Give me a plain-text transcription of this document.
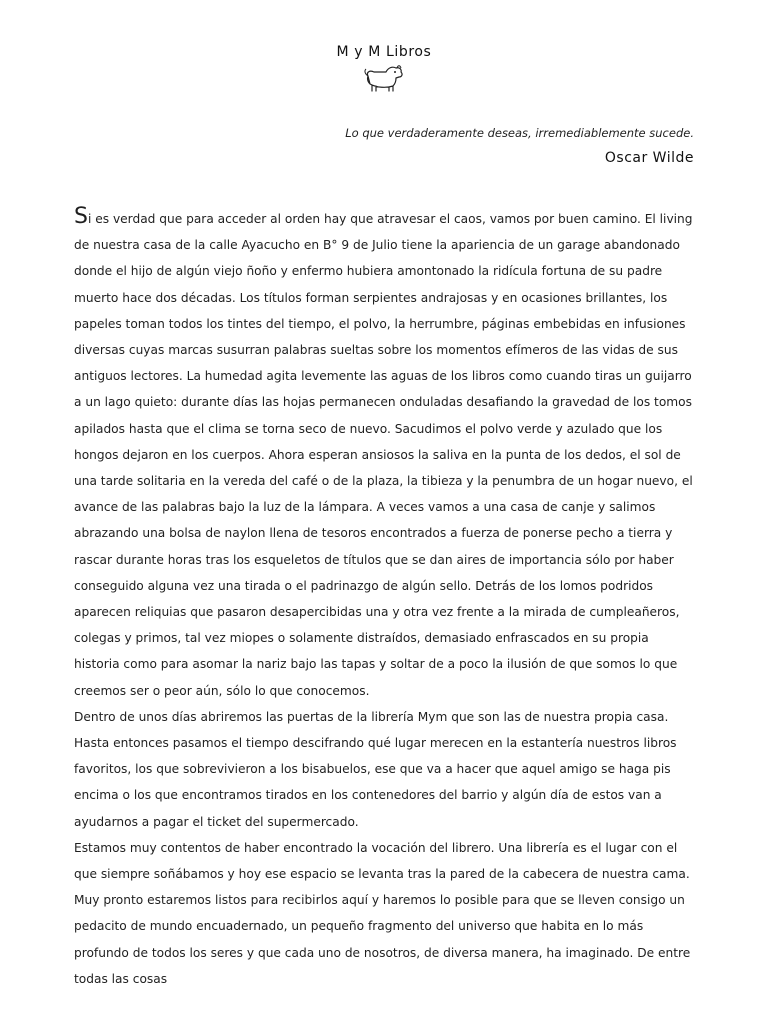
M y M Libros
Lo que verdaderamente deseas, irremediablemente sucede.
Oscar Wilde

Si es verdad que para acceder al orden hay que atravesar el caos, vamos por buen camino. El living de nuestra casa de la calle Ayacucho en B° 9 de Julio tiene la apariencia de un garage abandonado donde el hijo de algún viejo ñoño y enfermo hubiera amontonado la ridícula fortuna de su padre muerto hace dos décadas. Los títulos forman serpientes andrajosas y en ocasiones brillantes, los papeles toman todos los tintes del tiempo, el polvo, la herrumbre, páginas embebidas en infusiones diversas cuyas marcas susurran palabras sueltas sobre los momentos efímeros de las vidas de sus antiguos lectores. La humedad agita levemente las aguas de los libros como cuando tiras un guijarro a un lago quieto: durante días las hojas permanecen onduladas desafiando la gravedad de los tomos apilados hasta que el clima se torna seco de nuevo. Sacudimos el polvo verde y azulado que los hongos dejaron en los cuerpos. Ahora esperan ansiosos la saliva en la punta de los dedos, el sol de una tarde solitaria en la vereda del café o de la plaza, la tibieza y la penumbra de un hogar nuevo, el avance de las palabras bajo la luz de la lámpara. A veces vamos a una casa de canje y salimos abrazando una bolsa de naylon llena de tesoros encontrados a fuerza de ponerse pecho a tierra y rascar durante horas tras los esqueletos de títulos que se dan aires de importancia sólo por haber conseguido alguna vez una tirada o el padrinazgo de algún sello. Detrás de los lomos podridos aparecen reliquias que pasaron desapercibidas una y otra vez frente a la mirada de cumpleañeros, colegas y primos, tal vez miopes o solamente distraídos, demasiado enfrascados en su propia historia como para asomar la nariz bajo las tapas y soltar de a poco la ilusión de que somos lo que creemos ser o peor aún, sólo lo que conocemos.

Dentro de unos días abriremos las puertas de la librería Mym que son las de nuestra propia casa. Hasta entonces pasamos el tiempo descifrando qué lugar merecen en la estantería nuestros libros favoritos, los que sobrevivieron a los bisabuelos, ese que va a hacer que aquel amigo se haga pis encima o los que encontramos tirados en los contenedores del barrio y algún día de estos van a ayudarnos a pagar el ticket del supermercado.

Estamos muy contentos de haber encontrado la vocación del librero. Una librería es el lugar con el que siempre soñábamos y hoy ese espacio se levanta tras la pared de la cabecera de nuestra cama.

Muy pronto estaremos listos para recibirlos aquí y haremos lo posible para que se lleven consigo un pedacito de mundo encuadernado, un pequeño fragmento del universo que habita en lo más profundo de todos los seres y que cada uno de nosotros, de diversa manera, ha imaginado. De entre todas las cosas
